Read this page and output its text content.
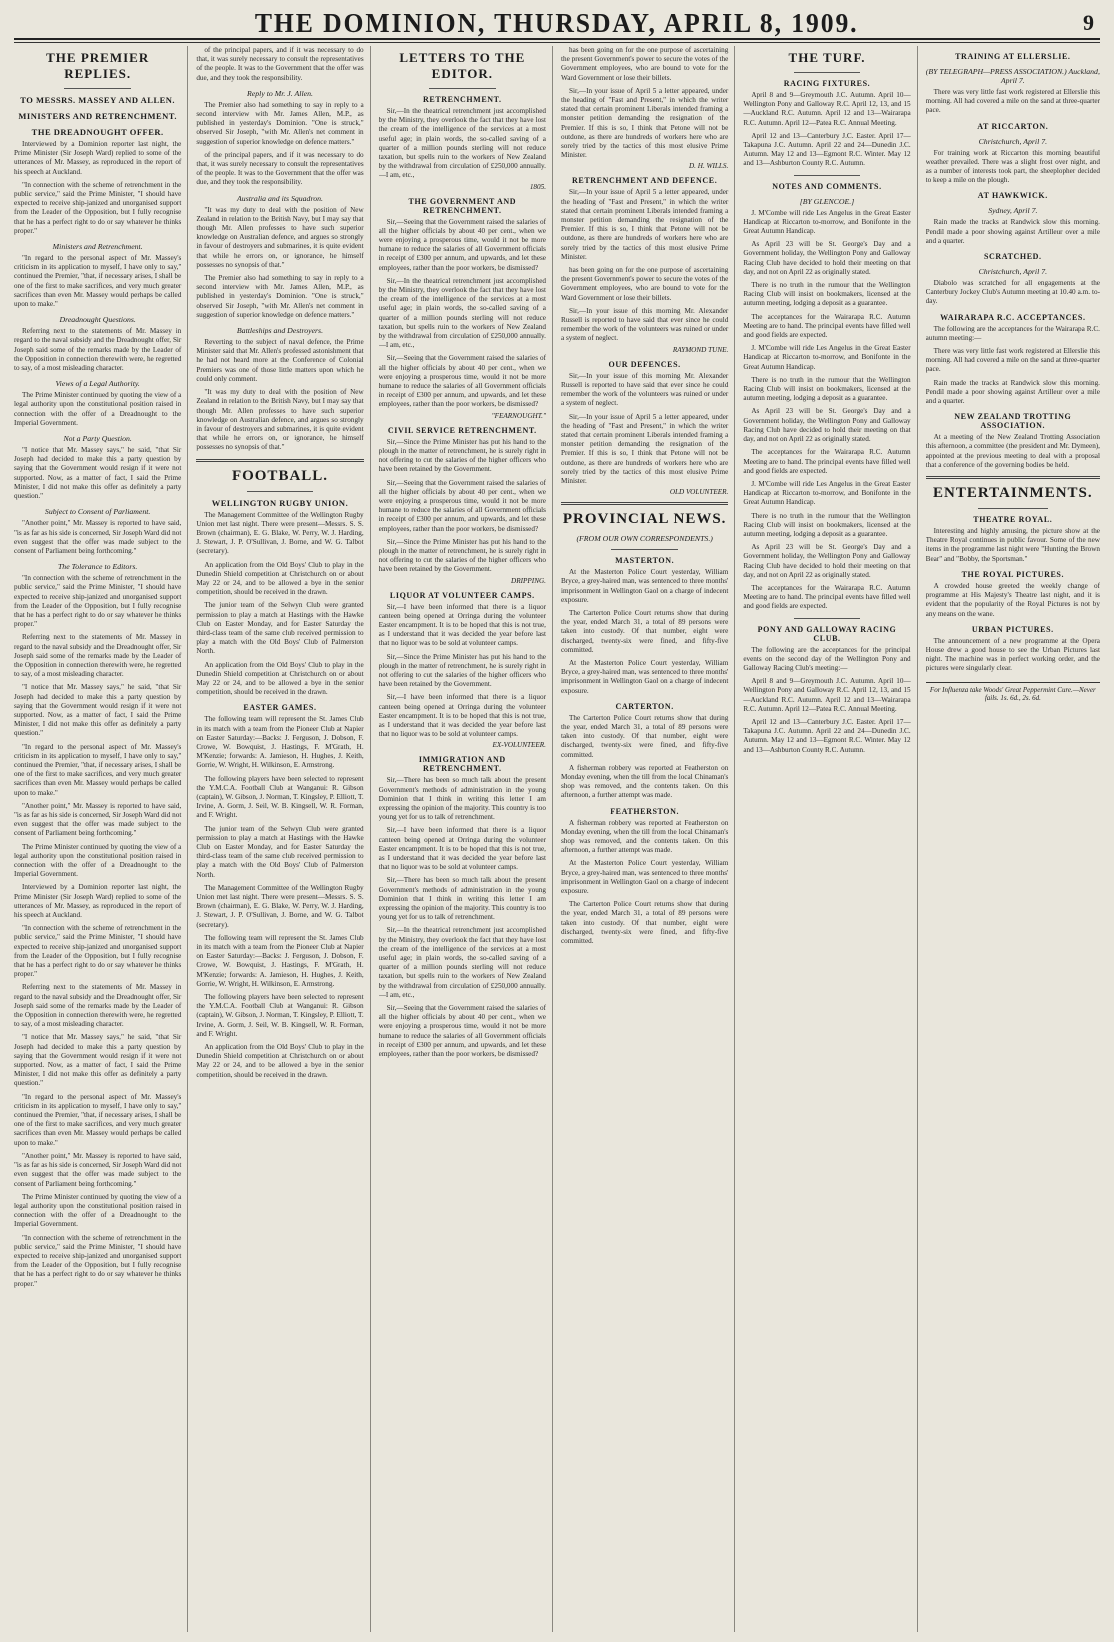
THE DOMINION, THURSDAY, APRIL 8, 1909.	9
THE PREMIER REPLIES.
TO MESSRS. MASSEY AND ALLEN.
MINISTERS AND RETRENCHMENT.
THE DREADNOUGHT OFFER.

Interviewed by a Dominion reporter last night, the Prime Minister (Sir Joseph Ward) replied to some of the utterances of Mr. Massey, as reproduced in the report of his speech at Auckland.

"In connection with the scheme of retrenchment in the public service," said the Prime Minister, "I should have expected to receive ship-janized and unorganised support from the Leader of the Opposition, but I fully recognise that he has a perfect right to do or say whatever he thinks proper."

Ministers and Retrenchment.

"In regard to the personal aspect of Mr. Massey's criticism in its application to myself, I have only to say," continued the Premier, "that, if necessary arises, I shall be one of the first to make sacrifices, and very much greater sacrifices than even Mr. Massey would perhaps be called upon to make."

Dreadnought Questions.

Referring next to the statements of Mr. Massey in regard to the naval subsidy and the Dreadnought offer, Sir Joseph said some of the remarks made by the Leader of the Opposition in connection therewith were, he regretted to say, of a most misleading character.

Views of a Legal Authority.

The Prime Minister continued by quoting the view of a legal authority upon the constitutional position raised in connection with the offer of a Dreadnought to the Imperial Government.

Not a Party Question.

"I notice that Mr. Massey says," he said, "that Sir Joseph had decided to make this a party question by saying that the Government would resign if it were not supported. Now, as a matter of fact, I said the Prime Minister, I did not make this offer as definitely a party question."

Subject to Consent of Parliament.

"Another point," Mr. Massey is reported to have said, "is as far as his side is concerned, Sir Joseph Ward did not even suggest that the offer was made subject to the consent of Parliament being forthcoming."

The Tolerance to Editors.

"In connection with the scheme of retrenchment in the public service," said the Prime Minister, "I should have expected to receive ship-janized and unorganised support from the Leader of the Opposition, but I fully recognise that he has a perfect right to do or say whatever he thinks proper."

Referring next to the statements of Mr. Massey in regard to the naval subsidy and the Dreadnought offer, Sir Joseph said some of the remarks made by the Leader of the Opposition in connection therewith were, he regretted to say, of a most misleading character.

"I notice that Mr. Massey says," he said, "that Sir Joseph had decided to make this a party question by saying that the Government would resign if it were not supported. Now, as a matter of fact, I said the Prime Minister, I did not make this offer as definitely a party question."

"In regard to the personal aspect of Mr. Massey's criticism in its application to myself, I have only to say," continued the Premier, "that, if necessary arises, I shall be one of the first to make sacrifices, and very much greater sacrifices than even Mr. Massey would perhaps be called upon to make."

"Another point," Mr. Massey is reported to have said, "is as far as his side is concerned, Sir Joseph Ward did not even suggest that the offer was made subject to the consent of Parliament being forthcoming."

The Prime Minister continued by quoting the view of a legal authority upon the constitutional position raised in connection with the offer of a Dreadnought to the Imperial Government.

Interviewed by a Dominion reporter last night, the Prime Minister (Sir Joseph Ward) replied to some of the utterances of Mr. Massey, as reproduced in the report of his speech at Auckland.

"In connection with the scheme of retrenchment in the public service," said the Prime Minister, "I should have expected to receive ship-janized and unorganised support from the Leader of the Opposition, but I fully recognise that he has a perfect right to do or say whatever he thinks proper."

Referring next to the statements of Mr. Massey in regard to the naval subsidy and the Dreadnought offer, Sir Joseph said some of the remarks made by the Leader of the Opposition in connection therewith were, he regretted to say, of a most misleading character.

"I notice that Mr. Massey says," he said, "that Sir Joseph had decided to make this a party question by saying that the Government would resign if it were not supported. Now, as a matter of fact, I said the Prime Minister, I did not make this offer as definitely a party question."

"In regard to the personal aspect of Mr. Massey's criticism in its application to myself, I have only to say," continued the Premier, "that, if necessary arises, I shall be one of the first to make sacrifices, and very much greater sacrifices than even Mr. Massey would perhaps be called upon to make."

"Another point," Mr. Massey is reported to have said, "is as far as his side is concerned, Sir Joseph Ward did not even suggest that the offer was made subject to the consent of Parliament being forthcoming."

The Prime Minister continued by quoting the view of a legal authority upon the constitutional position raised in connection with the offer of a Dreadnought to the Imperial Government.

"In connection with the scheme of retrenchment in the public service," said the Prime Minister, "I should have expected to receive ship-janized and unorganised support from the Leader of the Opposition, but I fully recognise that he has a perfect right to do or say whatever he thinks proper."

of the principal papers, and if it was necessary to do that, it was surely necessary to consult the representatives of the people. It was to the Government that the offer was due, and they took the responsibility.

Reply to Mr. J. Allen.

The Premier also had something to say in reply to a second interview with Mr. James Allen, M.P., as published in yesterday's Dominion. "One is struck," observed Sir Joseph, "with Mr. Allen's net comment in suggestion of superior knowledge on defence matters."

of the principal papers, and if it was necessary to do that, it was surely necessary to consult the representatives of the people. It was to the Government that the offer was due, and they took the responsibility.

Australia and its Squadron.

"It was my duty to deal with the position of New Zealand in relation to the British Navy, but I may say that though Mr. Allen professes to have such superior knowledge on Australian defence, and argues so strongly in favour of destroyers and submarines, it is quite evident that while he errors on, or ignorance, he himself possesses no synopsis of that."

The Premier also had something to say in reply to a second interview with Mr. James Allen, M.P., as published in yesterday's Dominion. "One is struck," observed Sir Joseph, "with Mr. Allen's net comment in suggestion of superior knowledge on defence matters."

Battleships and Destroyers.

Reverting to the subject of naval defence, the Prime Minister said that Mr. Allen's professed astonishment that he had not heard more at the Conference of Colonial Premiers was one of those little matters upon which he could only comment.

"It was my duty to deal with the position of New Zealand in relation to the British Navy, but I may say that though Mr. Allen professes to have such superior knowledge on Australian defence, and argues so strongly in favour of destroyers and submarines, it is quite evident that while he errors on, or ignorance, he himself possesses no synopsis of that."

FOOTBALL.
WELLINGTON RUGBY UNION.

The Management Committee of the Wellington Rugby Union met last night. There were present—Messrs. S. S. Brown (chairman), E. G. Blake, W. Perry, W. J. Harding, J. Stewart, J. P. O'Sullivan, J. Borne, and W. G. Talbot (secretary).

An application from the Old Boys' Club to play in the Dunedin Shield competition at Christchurch on or about May 22 or 24, and to be allowed a bye in the senior competition, should be received in the drawn.

The junior team of the Selwyn Club were granted permission to play a match at Hastings with the Hawke Club on Easter Monday, and for Easter Saturday the third-class team of the same club received permission to play a match with the Old Boys' Club of Palmerston North.

An application from the Old Boys' Club to play in the Dunedin Shield competition at Christchurch on or about May 22 or 24, and to be allowed a bye in the senior competition, should be received in the drawn.

EASTER GAMES.

The following team will represent the St. James Club in its match with a team from the Pioneer Club at Napier on Easter Saturday:—Backs: J. Ferguson, J. Dobson, F. Crowe, W. Bowquist, J. Hastings, F. M'Grath, H. M'Kenzie; forwards: A. Jamieson, H. Hughes, J. Keith, Gorrie, W. Wright, H. Wilkinson, E. Armstrong.

The following players have been selected to represent the Y.M.C.A. Football Club at Wanganui: R. Gibson (captain), W. Gibson, J. Norman, T. Kingsley, P. Elliott, T. Irvine, A. Gorm, J. Seil, W. B. Kingsell, W. R. Forman, and F. Wright.

The junior team of the Selwyn Club were granted permission to play a match at Hastings with the Hawke Club on Easter Monday, and for Easter Saturday the third-class team of the same club received permission to play a match with the Old Boys' Club of Palmerston North.

The Management Committee of the Wellington Rugby Union met last night. There were present—Messrs. S. S. Brown (chairman), E. G. Blake, W. Perry, W. J. Harding, J. Stewart, J. P. O'Sullivan, J. Borne, and W. G. Talbot (secretary).

The following team will represent the St. James Club in its match with a team from the Pioneer Club at Napier on Easter Saturday:—Backs: J. Ferguson, J. Dobson, F. Crowe, W. Bowquist, J. Hastings, F. M'Grath, H. M'Kenzie; forwards: A. Jamieson, H. Hughes, J. Keith, Gorrie, W. Wright, H. Wilkinson, E. Armstrong.

The following players have been selected to represent the Y.M.C.A. Football Club at Wanganui: R. Gibson (captain), W. Gibson, J. Norman, T. Kingsley, P. Elliott, T. Irvine, A. Gorm, J. Seil, W. B. Kingsell, W. R. Forman, and F. Wright.

An application from the Old Boys' Club to play in the Dunedin Shield competition at Christchurch on or about May 22 or 24, and to be allowed a bye in the senior competition, should be received in the drawn.

LETTERS TO THE EDITOR.
RETRENCHMENT.

Sir,—In the theatrical retrenchment just accomplished by the Ministry, they overlook the fact that they have lost the cream of the intelligence of the services at a most useful age; in plain words, the so-called saving of a quarter of a million pounds sterling will not reduce taxation, but spells ruin to the workers of New Zealand by the withdrawal from circulation of £250,000 annually.—I am, etc.,

1805.
THE GOVERNMENT AND RETRENCHMENT.

Sir,—Seeing that the Government raised the salaries of all the higher officials by about 40 per cent., when we were enjoying a prosperous time, would it not be more humane to reduce the salaries of all Government officials in receipt of £300 per annum, and upwards, and let these employees, rather than the poor workers, be dismissed?

Sir,—In the theatrical retrenchment just accomplished by the Ministry, they overlook the fact that they have lost the cream of the intelligence of the services at a most useful age; in plain words, the so-called saving of a quarter of a million pounds sterling will not reduce taxation, but spells ruin to the workers of New Zealand by the withdrawal from circulation of £250,000 annually.—I am, etc.,

Sir,—Seeing that the Government raised the salaries of all the higher officials by about 40 per cent., when we were enjoying a prosperous time, would it not be more humane to reduce the salaries of all Government officials in receipt of £300 per annum, and upwards, and let these employees, rather than the poor workers, be dismissed?

"FEARNOUGHT."
CIVIL SERVICE RETRENCHMENT.

Sir,—Since the Prime Minister has put his hand to the plough in the matter of retrenchment, he is surely right in not offering to cut the salaries of the higher officers who have been retained by the Government.

Sir,—Seeing that the Government raised the salaries of all the higher officials by about 40 per cent., when we were enjoying a prosperous time, would it not be more humane to reduce the salaries of all Government officials in receipt of £300 per annum, and upwards, and let these employees, rather than the poor workers, be dismissed?

Sir,—Since the Prime Minister has put his hand to the plough in the matter of retrenchment, he is surely right in not offering to cut the salaries of the higher officers who have been retained by the Government.

DRIPPING.
LIQUOR AT VOLUNTEER CAMPS.

Sir,—I have been informed that there is a liquor canteen being opened at Orringa during the volunteer Easter encampment. It is to be hoped that this is not true, as I understand that it was decided the year before last that no liquor was to be sold at volunteer camps.

Sir,—Since the Prime Minister has put his hand to the plough in the matter of retrenchment, he is surely right in not offering to cut the salaries of the higher officers who have been retained by the Government.

Sir,—I have been informed that there is a liquor canteen being opened at Orringa during the volunteer Easter encampment. It is to be hoped that this is not true, as I understand that it was decided the year before last that no liquor was to be sold at volunteer camps.

EX-VOLUNTEER.
IMMIGRATION AND RETRENCHMENT.

Sir,—There has been so much talk about the present Government's methods of administration in the young Dominion that I think in writing this letter I am expressing the opinion of the majority. This country is too young yet for us to talk of retrenchment.

Sir,—I have been informed that there is a liquor canteen being opened at Orringa during the volunteer Easter encampment. It is to be hoped that this is not true, as I understand that it was decided the year before last that no liquor was to be sold at volunteer camps.

Sir,—There has been so much talk about the present Government's methods of administration in the young Dominion that I think in writing this letter I am expressing the opinion of the majority. This country is too young yet for us to talk of retrenchment.

Sir,—In the theatrical retrenchment just accomplished by the Ministry, they overlook the fact that they have lost the cream of the intelligence of the services at a most useful age; in plain words, the so-called saving of a quarter of a million pounds sterling will not reduce taxation, but spells ruin to the workers of New Zealand by the withdrawal from circulation of £250,000 annually.—I am, etc.,

Sir,—Seeing that the Government raised the salaries of all the higher officials by about 40 per cent., when we were enjoying a prosperous time, would it not be more humane to reduce the salaries of all Government officials in receipt of £300 per annum, and upwards, and let these employees, rather than the poor workers, be dismissed?

has been going on for the one purpose of ascertaining the present Government's power to secure the votes of the Government employees, who are bound to vote for the Ward Government or lose their billets.

Sir,—In your issue of April 5 a letter appeared, under the heading of "Fast and Present," in which the writer stated that certain prominent Liberals intended framing a monster petition demanding the resignation of the Premier. If this is so, I think that Petone will not be outdone, as there are hundreds of workers here who are sorely tried by the tactics of this most elusive Prime Minister.

D. H. WILLS.
RETRENCHMENT AND DEFENCE.

Sir,—In your issue of April 5 a letter appeared, under the heading of "Fast and Present," in which the writer stated that certain prominent Liberals intended framing a monster petition demanding the resignation of the Premier. If this is so, I think that Petone will not be outdone, as there are hundreds of workers here who are sorely tried by the tactics of this most elusive Prime Minister.

has been going on for the one purpose of ascertaining the present Government's power to secure the votes of the Government employees, who are bound to vote for the Ward Government or lose their billets.

Sir,—In your issue of this morning Mr. Alexander Russell is reported to have said that ever since he could remember the work of the volunteers was ruined or under a system of neglect.

RAYMOND TUNE.
OUR DEFENCES.

Sir,—In your issue of this morning Mr. Alexander Russell is reported to have said that ever since he could remember the work of the volunteers was ruined or under a system of neglect.

Sir,—In your issue of April 5 a letter appeared, under the heading of "Fast and Present," in which the writer stated that certain prominent Liberals intended framing a monster petition demanding the resignation of the Premier. If this is so, I think that Petone will not be outdone, as there are hundreds of workers here who are sorely tried by the tactics of this most elusive Prime Minister.

OLD VOLUNTEER.
PROVINCIAL NEWS.
(FROM OUR OWN CORRESPONDENTS.)
MASTERTON.

At the Masterton Police Court yesterday, William Bryce, a grey-haired man, was sentenced to three months' imprisonment in Wellington Gaol on a charge of indecent exposure.

The Carterton Police Court returns show that during the year, ended March 31, a total of 89 persons were taken into custody. Of that number, eight were discharged, twenty-six were fined, and fifty-five committed.

At the Masterton Police Court yesterday, William Bryce, a grey-haired man, was sentenced to three months' imprisonment in Wellington Gaol on a charge of indecent exposure.

CARTERTON.

The Carterton Police Court returns show that during the year, ended March 31, a total of 89 persons were taken into custody. Of that number, eight were discharged, twenty-six were fined, and fifty-five committed.

A fisherman robbery was reported at Featherston on Monday evening, when the till from the local Chinaman's shop was removed, and the contents taken. On this afternoon, a further attempt was made.

FEATHERSTON.

A fisherman robbery was reported at Featherston on Monday evening, when the till from the local Chinaman's shop was removed, and the contents taken. On this afternoon, a further attempt was made.

At the Masterton Police Court yesterday, William Bryce, a grey-haired man, was sentenced to three months' imprisonment in Wellington Gaol on a charge of indecent exposure.

The Carterton Police Court returns show that during the year, ended March 31, a total of 89 persons were taken into custody. Of that number, eight were discharged, twenty-six were fined, and fifty-five committed.

THE TURF.
RACING FIXTURES.

April 8 and 9—Greymouth J.C. Autumn. April 10—Wellington Pony and Galloway R.C. April 12, 13, and 15—Auckland R.C. Autumn. April 12 and 13—Wairarapa R.C. Autumn. April 12—Patea R.C. Annual Meeting.

April 12 and 13—Canterbury J.C. Easter. April 17—Takapuna J.C. Autumn. April 22 and 24—Dunedin J.C. Autumn. May 12 and 13—Egmont R.C. Winter. May 12 and 13—Ashburton County R.C. Autumn.

NOTES AND COMMENTS.
[BY GLENCOE.]

J. M'Combe will ride Les Angelus in the Great Easter Handicap at Riccarton to-morrow, and Bonifonte in the Great Autumn Handicap.

As April 23 will be St. George's Day and a Government holiday, the Wellington Pony and Galloway Racing Club have decided to hold their meeting on that day, and not on April 22 as originally stated.

There is no truth in the rumour that the Wellington Racing Club will insist on bookmakers, licensed at the autumn meeting, lodging a deposit as a guarantee.

The acceptances for the Wairarapa R.C. Autumn Meeting are to hand. The principal events have filled well and good fields are expected.

J. M'Combe will ride Les Angelus in the Great Easter Handicap at Riccarton to-morrow, and Bonifonte in the Great Autumn Handicap.

There is no truth in the rumour that the Wellington Racing Club will insist on bookmakers, licensed at the autumn meeting, lodging a deposit as a guarantee.

As April 23 will be St. George's Day and a Government holiday, the Wellington Pony and Galloway Racing Club have decided to hold their meeting on that day, and not on April 22 as originally stated.

The acceptances for the Wairarapa R.C. Autumn Meeting are to hand. The principal events have filled well and good fields are expected.

J. M'Combe will ride Les Angelus in the Great Easter Handicap at Riccarton to-morrow, and Bonifonte in the Great Autumn Handicap.

There is no truth in the rumour that the Wellington Racing Club will insist on bookmakers, licensed at the autumn meeting, lodging a deposit as a guarantee.

As April 23 will be St. George's Day and a Government holiday, the Wellington Pony and Galloway Racing Club have decided to hold their meeting on that day, and not on April 22 as originally stated.

The acceptances for the Wairarapa R.C. Autumn Meeting are to hand. The principal events have filled well and good fields are expected.

PONY AND GALLOWAY RACING CLUB.

The following are the acceptances for the principal events on the second day of the Wellington Pony and Galloway Racing Club's meeting:—

April 8 and 9—Greymouth J.C. Autumn. April 10—Wellington Pony and Galloway R.C. April 12, 13, and 15—Auckland R.C. Autumn. April 12 and 13—Wairarapa R.C. Autumn. April 12—Patea R.C. Annual Meeting.

April 12 and 13—Canterbury J.C. Easter. April 17—Takapuna J.C. Autumn. April 22 and 24—Dunedin J.C. Autumn. May 12 and 13—Egmont R.C. Winter. May 12 and 13—Ashburton County R.C. Autumn.

TRAINING AT ELLERSLIE.
(BY TELEGRAPH—PRESS ASSOCIATION.) Auckland, April 7.

There was very little fast work registered at Ellerslie this morning. All had covered a mile on the sand at three-quarter pace.

AT RICCARTON.
Christchurch, April 7.

For training work at Riccarton this morning beautiful weather prevailed. There was a slight frost over night, and as a number of interests took part, the sheeplopher decided to keep a mile on the plough.

AT HAWKWICK.
Sydney, April 7.

Rain made the tracks at Randwick slow this morning. Pendil made a poor showing against Artilleur over a mile and a quarter.

SCRATCHED.
Christchurch, April 7.

Diabolo was scratched for all engagements at the Canterbury Jockey Club's Autumn meeting at 10.40 a.m. to-day.

WAIRARAPA R.C. ACCEPTANCES.

The following are the acceptances for the Wairarapa R.C. autumn meeting:—

There was very little fast work registered at Ellerslie this morning. All had covered a mile on the sand at three-quarter pace.

Rain made the tracks at Randwick slow this morning. Pendil made a poor showing against Artilleur over a mile and a quarter.

NEW ZEALAND TROTTING ASSOCIATION.

At a meeting of the New Zealand Trotting Association this afternoon, a committee (the president and Mr. Dymeen), appointed at the previous meeting to deal with a proposal that a conference of the governing bodies be held.

ENTERTAINMENTS.
THEATRE ROYAL.

Interesting and highly amusing, the picture show at the Theatre Royal continues in public favour. Some of the new items in the programme last night were "Hunting the Brown Bear" and "Bobby, the Sportsman."

THE ROYAL PICTURES.

A crowded house greeted the weekly change of programme at His Majesty's Theatre last night, and it is evident that the popularity of the Royal Pictures is not by any means on the wane.

URBAN PICTURES.

The announcement of a new programme at the Opera House drew a good house to see the Urban Pictures last night. The machine was in perfect working order, and the pictures were singularly clear.

For Influenza take Woods' Great Peppermint Cure.—Never fails. 1s. 6d., 2s. 6d.
